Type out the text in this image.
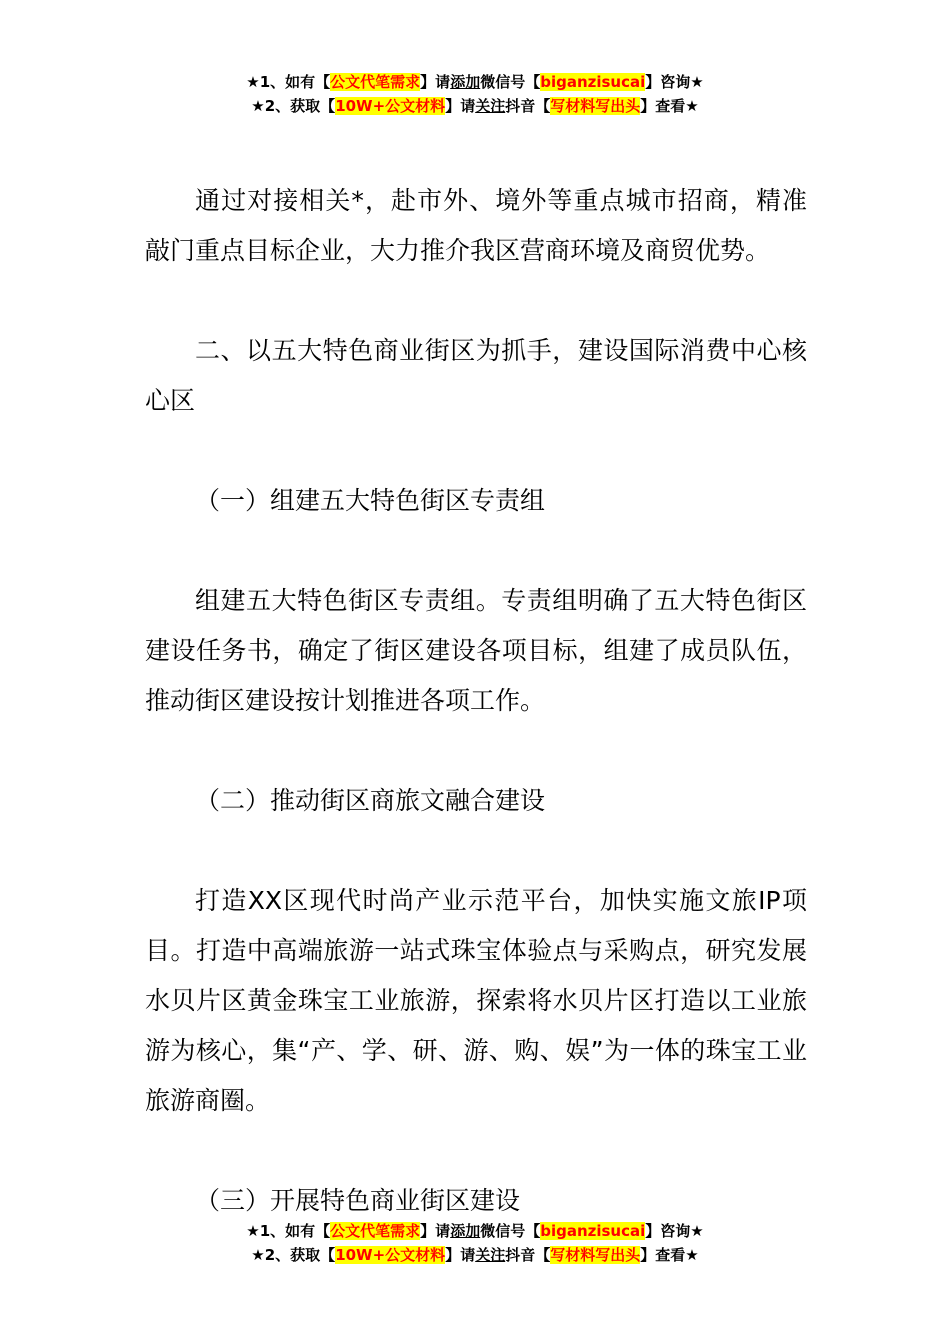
★1、如有【公文代笔需求】请添加微信号【biganzisucai】咨询★
★2、获取【10W+公文材料】请关注抖音【写材料写出头】查看★

通过对接相关*，赴市外、境外等重点城市招商，精准敲门重点目标企业，大力推介我区营商环境及商贸优势。

二、以五大特色商业街区为抓手，建设国际消费中心核心区

（一）组建五大特色街区专责组

组建五大特色街区专责组。专责组明确了五大特色街区建设任务书，确定了街区建设各项目标，组建了成员队伍，推动街区建设按计划推进各项工作。

（二）推动街区商旅文融合建设

打造XX区现代时尚产业示范平台，加快实施文旅IP项目。打造中高端旅游一站式珠宝体验点与采购点，研究发展水贝片区黄金珠宝工业旅游，探索将水贝片区打造以工业旅游为核心，集“产、学、研、游、购、娱”为一体的珠宝工业旅游商圈。

（三）开展特色商业街区建设

★1、如有【公文代笔需求】请添加微信号【biganzisucai】咨询★
★2、获取【10W+公文材料】请关注抖音【写材料写出头】查看★
